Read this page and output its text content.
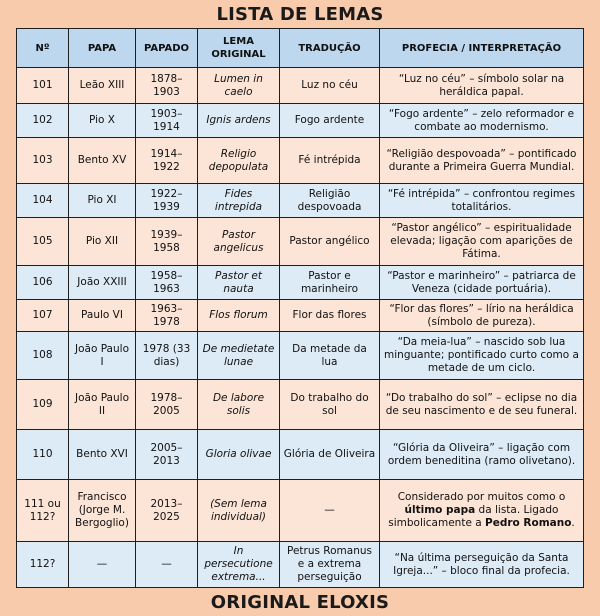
LISTA DE LEMAS
Nº	PAPA	PAPADO	LEMA ORIGINAL	TRADUÇÃO	PROFECIA / INTERPRETAÇÃO
101	Leão XIII	1878–1903	Lumen in caelo	Luz no céu	“Luz no céu” – símbolo solar na heráldica papal.
102	Pio X	1903–1914	Ignis ardens	Fogo ardente	“Fogo ardente” – zelo reformador e combate ao modernismo.
103	Bento XV	1914–1922	Religio depopulata	Fé intrépida	“Religião despovoada” – pontificado durante a Primeira Guerra Mundial.
104	Pio XI	1922–1939	Fides intrepida	Religião despovoada	“Fé intrépida” – confrontou regimes totalitários.
105	Pio XII	1939–1958	Pastor angelicus	Pastor angélico	“Pastor angélico” – espiritualidade elevada; ligação com aparições de Fátima.
106	João XXIII	1958–1963	Pastor et nauta	Pastor e marinheiro	“Pastor e marinheiro” – patriarca de Veneza (cidade portuária).
107	Paulo VI	1963–1978	Flos florum	Flor das flores	“Flor das flores” – lírio na heráldica (símbolo de pureza).
108	João Paulo I	1978 (33 dias)	De medietate lunae	Da metade da lua	“Da meia-lua” – nascido sob lua minguante; pontificado curto como a metade de um ciclo.
109	João Paulo II	1978–2005	De labore solis	Do trabalho do sol	“Do trabalho do sol” – eclipse no dia de seu nascimento e de seu funeral.
110	Bento XVI	2005–2013	Gloria olivae	Glória de Oliveira	“Glória da Oliveira” – ligação com ordem beneditina (ramo olivetano).
111 ou 112?	Francisco (Jorge M. Bergoglio)	2013–2025	(Sem lema individual)	—	Considerado por muitos como o último papa da lista. Ligado simbolicamente a Pedro Romano.
112?	—	—	In persecutione extrema...	Petrus Romanus e a extrema perseguição	“Na última perseguição da Santa Igreja...” – bloco final da profecia.
ORIGINAL ELOXIS
